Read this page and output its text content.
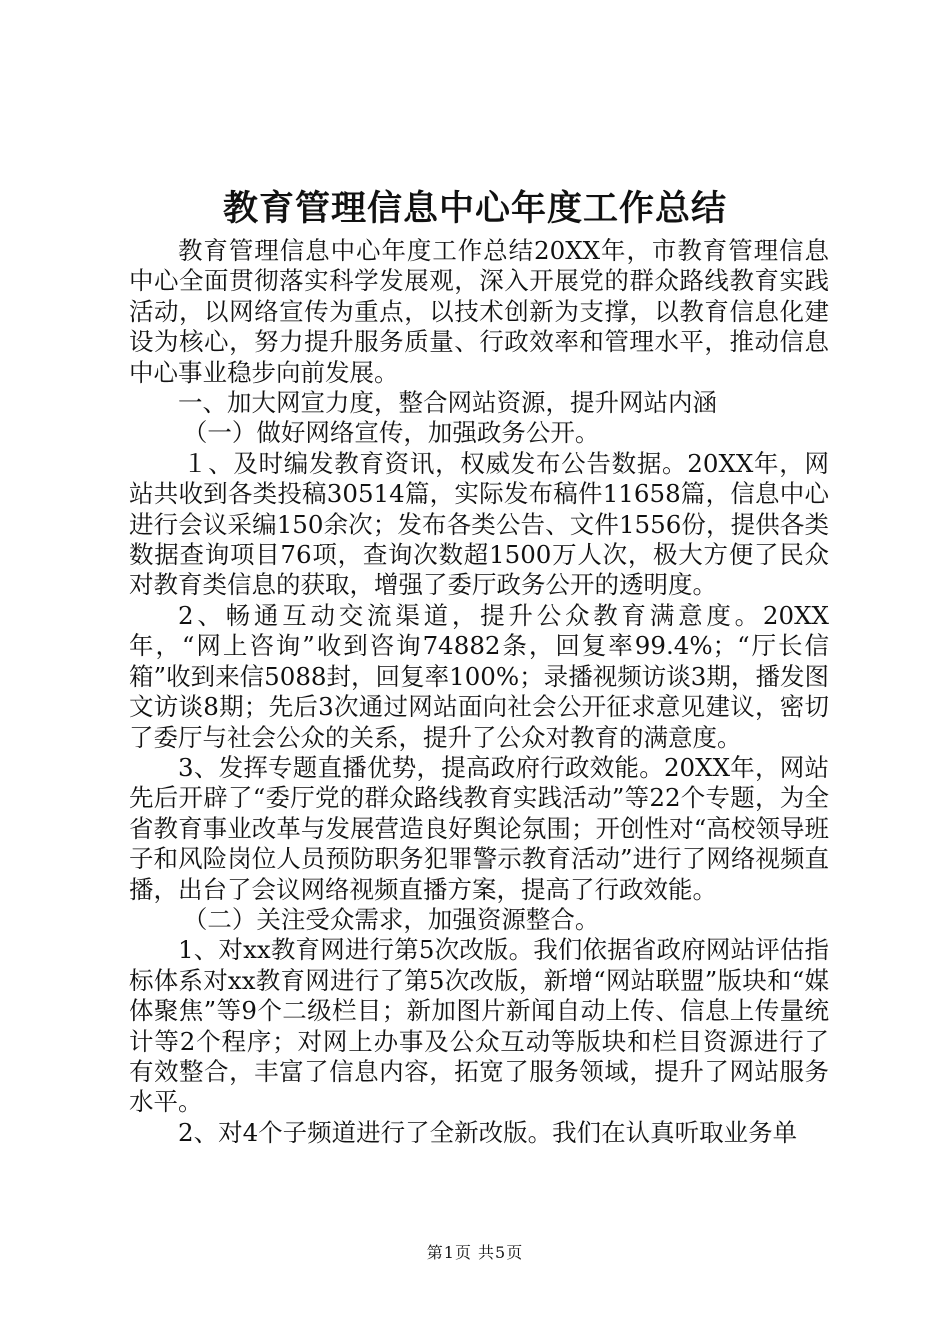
教育管理信息中心年度工作总结

教育管理信息中心年度工作总结20XX年，市教育管理信息中心全面贯彻落实科学发展观，深入开展党的群众路线教育实践活动，以网络宣传为重点，以技术创新为支撑，以教育信息化建设为核心，努力提升服务质量、行政效率和管理水平，推动信息中心事业稳步向前发展。

一、加大网宣力度，整合网站资源，提升网站内涵

（一）做好网络宣传，加强政务公开。

１、及时编发教育资讯，权威发布公告数据。20XX年，网站共收到各类投稿30514篇，实际发布稿件11658篇，信息中心进行会议采编150余次；发布各类公告、文件1556份，提供各类数据查询项目76项，查询次数超1500万人次，极大方便了民众对教育类信息的获取，增强了委厅政务公开的透明度。

2、畅通互动交流渠道，提升公众教育满意度。20XX年，“网上咨询”收到咨询74882条，回复率99.4%；“厅长信箱”收到来信5088封，回复率100%；录播视频访谈3期，播发图文访谈8期；先后3次通过网站面向社会公开征求意见建议，密切了委厅与社会公众的关系，提升了公众对教育的满意度。

3、发挥专题直播优势，提高政府行政效能。20XX年，网站先后开辟了“委厅党的群众路线教育实践活动”等22个专题，为全省教育事业改革与发展营造良好舆论氛围；开创性对“高校领导班子和风险岗位人员预防职务犯罪警示教育活动”进行了网络视频直播，出台了会议网络视频直播方案，提高了行政效能。

（二）关注受众需求，加强资源整合。

1、对xx教育网进行第5次改版。我们依据省政府网站评估指标体系对xx教育网进行了第5次改版，新增“网站联盟”版块和“媒体聚焦”等9个二级栏目；新加图片新闻自动上传、信息上传量统计等2个程序；对网上办事及公众互动等版块和栏目资源进行了有效整合，丰富了信息内容，拓宽了服务领域，提升了网站服务水平。

2、对4个子频道进行了全新改版。我们在认真听取业务单

第1页 共5页
